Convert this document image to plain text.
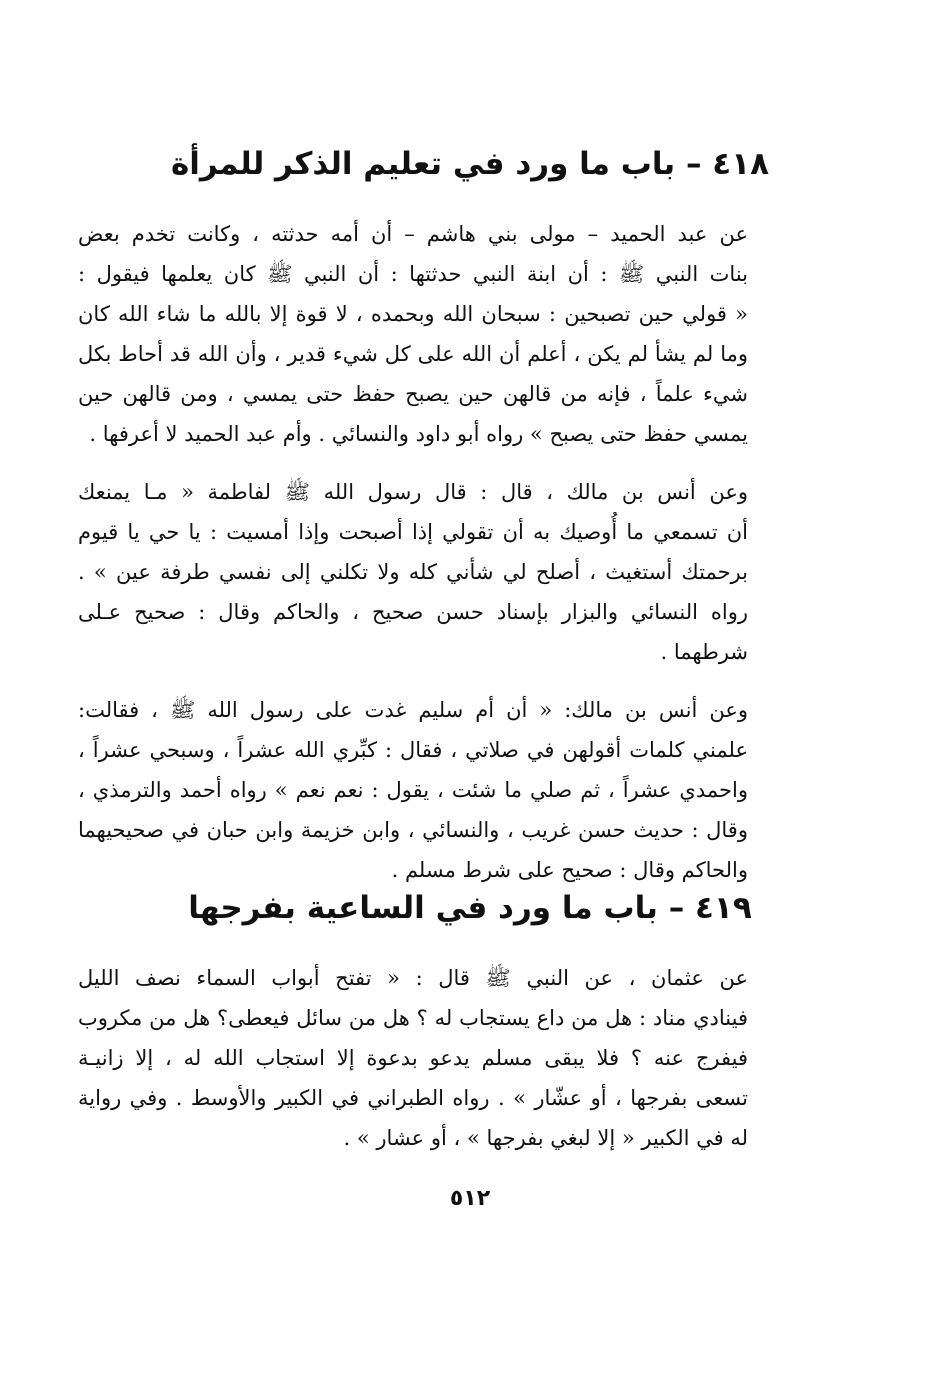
٤١٨ – باب ما ورد في تعليم الذكر للمرأة
عن عبد الحميد – مولى بني هاشم – أن أمه حدثته ، وكانت تخدم بعض
بنات النبي ﷺ : أن ابنة النبي حدثتها : أن النبي ﷺ كان يعلمها فيقول :
« قولي حين تصبحين : سبحان الله وبحمده ، لا قوة إلا بالله ما شاء الله كان
وما لم يشأ لم يكن ، أعلم أن الله على كل شيء قدير ، وأن الله قد أحاط بكل
شيء علماً ، فإنه من قالهن حين يصبح حفظ حتى يمسي ، ومن قالهن حين
يمسي حفظ حتى يصبح » رواه أبو داود والنسائي . وأم عبد الحميد لا أعرفها .
وعن أنس بن مالك ، قال : قال رسول الله ﷺ لفاطمة « مـا يمنعك
أن تسمعي ما أُوصيك به أن تقولي إذا أصبحت وإذا أمسيت : يا حي يا قيوم
برحمتك أستغيث ، أصلح لي شأني كله ولا تكلني إلى نفسي طرفة عين » .
رواه النسائي والبزار بإسناد حسن صحيح ، والحاكم وقال : صحيح عـلى
شرطهما .
وعن أنس بن مالك: « أن أم سليم غدت على رسول الله ﷺ ، فقالت:
علمني كلمات أقولهن في صلاتي ، فقال : كبِّري الله عشراً ، وسبحي عشراً ،
واحمدي عشراً ، ثم صلي ما شئت ، يقول : نعم نعم » رواه أحمد والترمذي ،
وقال : حديث حسن غريب ، والنسائي ، وابن خزيمة وابن حبان في صحيحيهما
والحاكم وقال : صحيح على شرط مسلم .
٤١٩ – باب ما ورد في الساعية بفرجها
عن عثمان ، عن النبي ﷺ قال : « تفتح أبواب السماء نصف الليل
فينادي مناد : هل من داع يستجاب له ؟ هل من سائل فيعطى؟ هل من مكروب
فيفرج عنه ؟ فلا يبقى مسلم يدعو بدعوة إلا استجاب الله له ، إلا زانيـة
تسعى بفرجها ، أو عشّار » . رواه الطبراني في الكبير والأوسط . وفي رواية
له في الكبير « إلا لبغي بفرجها » ، أو عشار » .
٥١٢
